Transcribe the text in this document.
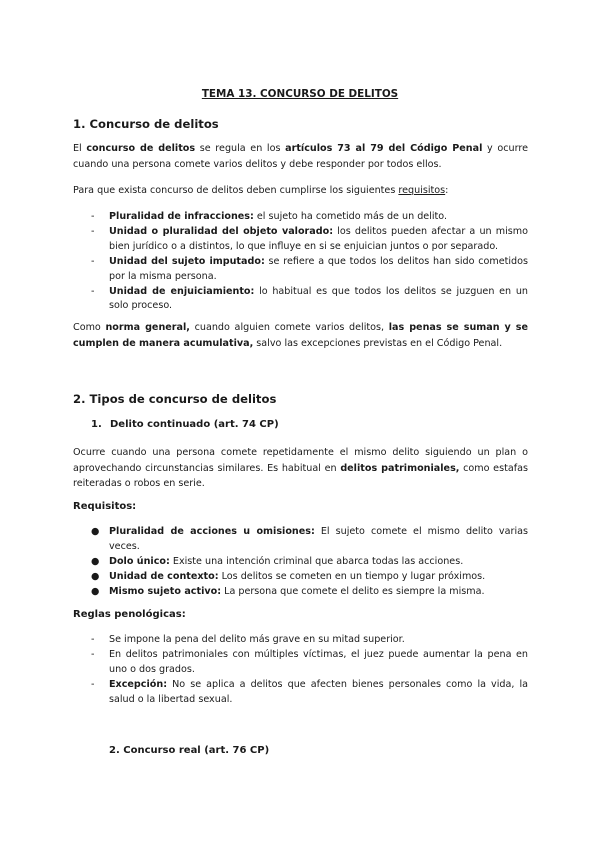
TEMA 13. CONCURSO DE DELITOS
1. Concurso de delitos
El concurso de delitos se regula en los artículos 73 al 79 del Código Penal y ocurre cuando una persona comete varios delitos y debe responder por todos ellos.
Para que exista concurso de delitos deben cumplirse los siguientes requisitos:
- Pluralidad de infracciones: el sujeto ha cometido más de un delito.
- Unidad o pluralidad del objeto valorado: los delitos pueden afectar a un mismo bien jurídico o a distintos, lo que influye en si se enjuician juntos o por separado.
- Unidad del sujeto imputado: se refiere a que todos los delitos han sido cometidos por la misma persona.
- Unidad de enjuiciamiento: lo habitual es que todos los delitos se juzguen en un solo proceso.
Como norma general, cuando alguien comete varios delitos, las penas se suman y se cumplen de manera acumulativa, salvo las excepciones previstas en el Código Penal.
2. Tipos de concurso de delitos
1. Delito continuado (art. 74 CP)
Ocurre cuando una persona comete repetidamente el mismo delito siguiendo un plan o aprovechando circunstancias similares. Es habitual en delitos patrimoniales, como estafas reiteradas o robos en serie.
Requisitos:
● Pluralidad de acciones u omisiones: El sujeto comete el mismo delito varias veces.
● Dolo único: Existe una intención criminal que abarca todas las acciones.
● Unidad de contexto: Los delitos se cometen en un tiempo y lugar próximos.
● Mismo sujeto activo: La persona que comete el delito es siempre la misma.
Reglas penológicas:
- Se impone la pena del delito más grave en su mitad superior.
- En delitos patrimoniales con múltiples víctimas, el juez puede aumentar la pena en uno o dos grados.
- Excepción: No se aplica a delitos que afecten bienes personales como la vida, la salud o la libertad sexual.
2. Concurso real (art. 76 CP)
